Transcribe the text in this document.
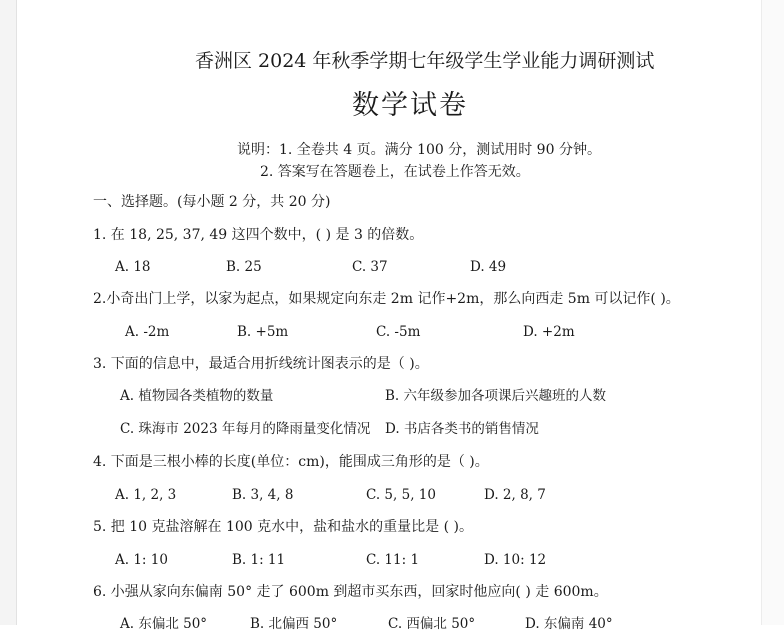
香洲区 2024 年秋季学期七年级学生学业能力调研测试
数学试卷
说明：1. 全卷共 4 页。满分 100 分，测试用时 90 分钟。
2. 答案写在答题卷上，在试卷上作答无效。
一、选择题。(每小题 2 分，共 20 分)
1. 在 18, 25, 37, 49 这四个数中，( ) 是 3 的倍数。
A. 18	B. 25	C. 37	D. 49
2.小奇出门上学，以家为起点，如果规定向东走 2m 记作+2m，那么向西走 5m 可以记作( )。
A. -2m	B. +5m	C. -5m	D. +2m
3. 下面的信息中，最适合用折线统计图表示的是（ )。
A. 植物园各类植物的数量	B. 六年级参加各项课后兴趣班的人数
C. 珠海市 2023 年每月的降雨量变化情况 D. 书店各类书的销售情况
4. 下面是三根小棒的长度(单位：cm)，能围成三角形的是（ )。
A. 1, 2, 3	B. 3, 4, 8	C. 5, 5, 10	D. 2, 8, 7
5. 把 10 克盐溶解在 100 克水中，盐和盐水的重量比是 ( )。
A. 1: 10	B. 1: 11	C. 11: 1	D. 10: 12
6. 小强从家向东偏南 50° 走了 600m 到超市买东西，回家时他应向( ) 走 600m。
A. 东偏北 50°	B. 北偏西 50°	C. 西偏北 50°	D. 东偏南 40°
